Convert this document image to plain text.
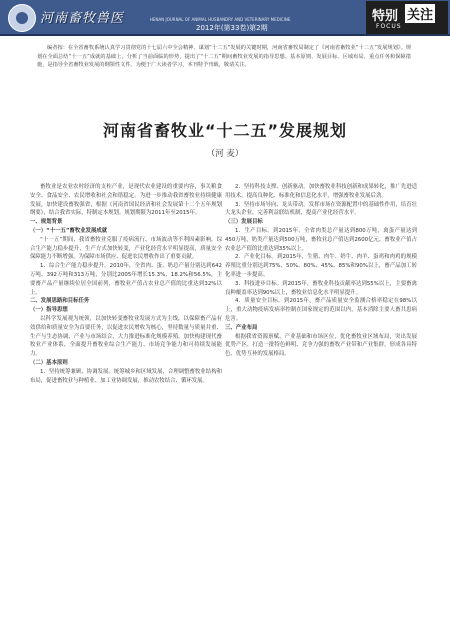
河南畜牧兽医	HENAN JOURNAL OF ANIMAL HUSBANDRY AND VETERINARY MEDICINE
2012年(第33卷)第2期
特别 关注
FOCUS
编者按：在全省畜牧系统认真学习贯彻党的十七届六中全会精神、谋划“十二五”发展的关键时期，河南省畜牧局制定了《河南省畜牧业“十二五”发展规划》。规划在全面总结“十一五”成就的基础上，分析了当前面临的形势，提出了“十二五”期间畜牧业发展的指导思想、基本原则、发展目标、区域布局、重点任务和保障措施，是指导全省畜牧业发展的纲领性文件。为便于广大读者学习，本刊特予刊载，敬请关注。
河南省畜牧业“十二五”发展规划
（河 麦）

畜牧业是农业农村经济的支柱产业，是现代农业建设的重要内容，事关粮食安全、食品安全、农民增收和社会和谐稳定。为进一步推动我省畜牧业持续健康发展，加快建设畜牧强省，根据《河南省国民经济和社会发展第十二个五年规划纲要》，结合我省实际，特制定本规划。规划期限为2011年至2015年。

一、规划背景

（一）“十一五”畜牧业发展成就

“十一五”期间，我省畜牧业克服了疫病流行、市场波动等不利因素影响，综合生产能力稳步提升，生产方式加快转变，产业化经营水平明显提高，质量安全保障能力不断增强，为保障市场供应、促进农民增收作出了重要贡献。

1．综合生产能力稳步提升。2010年，全省肉、蛋、奶总产量分别达到642万吨、392万吨和313万吨，分别比2005年增长15.3%、18.2%和56.5%，主要畜产品产量继续位居全国前列，畜牧业产值占农业总产值的比重达到32%以上。

二、发展思路和目标任务

（一）指导思想

以科学发展观为统领，以加快转变畜牧业发展方式为主线，以保障畜产品有效供给和质量安全为首要任务，以促进农民增收为核心，坚持数量与质量并重、生产与生态协调、产业与市场结合，大力推进标准化规模养殖，加快构建现代畜牧业产业体系，全面提升畜牧业综合生产能力、市场竞争能力和可持续发展能力。

（二）基本原则

1．坚持统筹兼顾、协调发展。统筹城乡和区域发展，合理调整畜牧业结构和布局，促进畜牧业与种植业、加工业协调发展，推动农牧结合、循环发展。

2．坚持科技支撑、创新驱动。加快畜牧业科技创新和成果转化，推广先进适用技术，提高良种化、标准化和信息化水平，增强畜牧业发展后劲。

3．坚持市场导向、龙头带动。发挥市场在资源配置中的基础性作用，培育壮大龙头企业，完善利益联结机制，提高产业化经营水平。

（三）发展目标

1．生产目标。到2015年，全省肉类总产量达到800万吨，禽蛋产量达到450万吨，奶类产量达到500万吨，畜牧业总产值达到2600亿元，畜牧业产值占农业总产值的比重达到35%以上。

2．产业化目标。到2015年，生猪、肉牛、奶牛、肉羊、蛋鸡和肉鸡的规模养殖比重分别达到75%、50%、80%、45%、85%和90%以上，畜产品加工转化率进一步提高。

3．科技进步目标。到2015年，畜牧业科技贡献率达到55%以上，主要畜禽良种覆盖率达到90%以上，畜牧业信息化水平明显提升。

4．质量安全目标。到2015年，畜产品质量安全监测合格率稳定在98%以上，重大动物疫病发病率控制在国家规定的范围以内，基本消除主要人畜共患病危害。

三、产业布局

根据我省资源禀赋、产业基础和市场区位，优化畜牧业区域布局，突出发展优势产区，打造一批特色鲜明、竞争力强的畜牧产业带和产业集群，形成各具特色、优势互补的发展格局。
